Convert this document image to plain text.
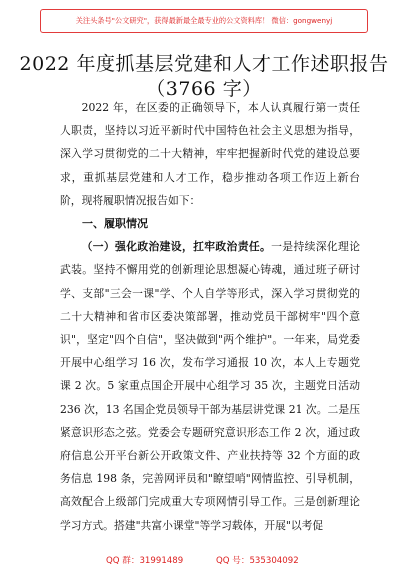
关注头条号"公文研究"，获得最新最全最专业的公文资料库！ 微信：gongwenyj
2022 年度抓基层党建和人才工作述职报告
（3766 字）

2022 年，在区委的正确领导下，本人认真履行第一责任人职责，坚持以习近平新时代中国特色社会主义思想为指导，深入学习贯彻党的二十大精神，牢牢把握新时代党的建设总要求，重抓基层党建和人才工作，稳步推动各项工作迈上新台阶，现将履职情况报告如下：

一、履职情况

（一）强化政治建设，扛牢政治责任。一是持续深化理论武装。坚持不懈用党的创新理论思想凝心铸魂，通过班子研讨学、支部"三会一课"学、个人自学等形式，深入学习贯彻党的二十大精神和省市区委决策部署，推动党员干部树牢"四个意识"，坚定"四个自信"，坚决做到"两个维护"。一年来，局党委开展中心组学习 16 次，发布学习通报 10 次，本人上专题党课 2 次。5 家重点国企开展中心组学习 35 次，主题党日活动 236 次，13 名国企党员领导干部为基层讲党课 21 次。二是压紧意识形态之弦。党委会专题研究意识形态工作 2 次，通过政府信息公开平台新公开政策文件、产业扶持等 32 个方面的政务信息 198 条，完善网评员和"瞭望哨"网情监控、引导机制，高效配合上级部门完成重大专项网情引导工作。三是创新理论学习方式。搭建"共富小课堂"等学习载体，开展"以考促

QQ 群：31991489	QQ 号：535304092
